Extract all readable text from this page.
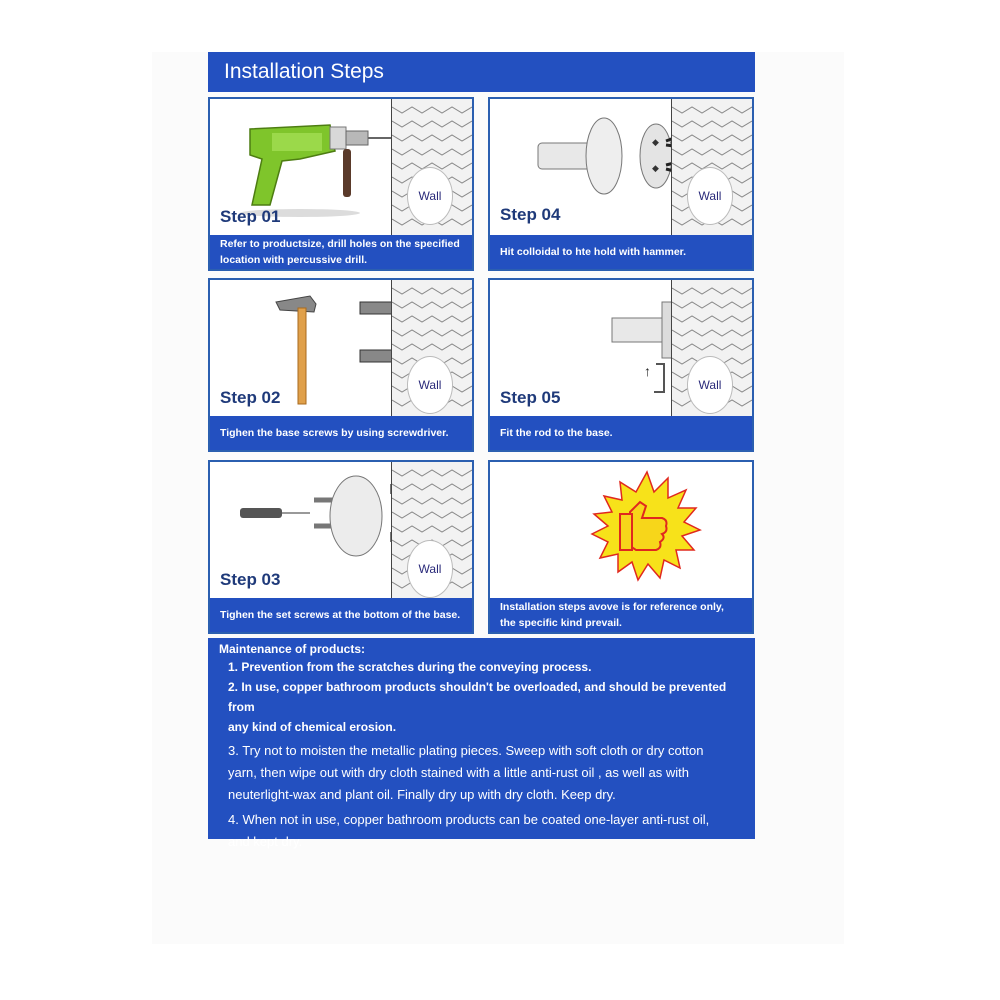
Installation Steps
Wall
Step 01
Refer to productsize, drill holes on the specified
location with percussive drill.
◆
◆
Wall
Step 04
Hit colloidal to hte hold with hammer.
Wall
Step 02
Tighen the base screws by using screwdriver.
↑
Wall
Step 05
Fit the rod to the base.
Wall
Step 03
Tighen the set screws at the bottom of the base.
Installation steps avove is for reference only,
the specific kind prevail.
Maintenance of products:
1. Prevention from the scratches during the conveying process.
2. In use, copper bathroom products shouldn't be overloaded, and should be prevented from
any kind of chemical erosion.
3. Try not to moisten the metallic plating pieces. Sweep with soft cloth or dry cotton
yarn, then wipe out with dry cloth stained with a little anti-rust oil , as well as with
neuterlight-wax and plant oil. Finally dry up with dry cloth. Keep dry.
4. When not in use, copper bathroom products can be coated one-layer anti-rust oil,
and kept dry.
